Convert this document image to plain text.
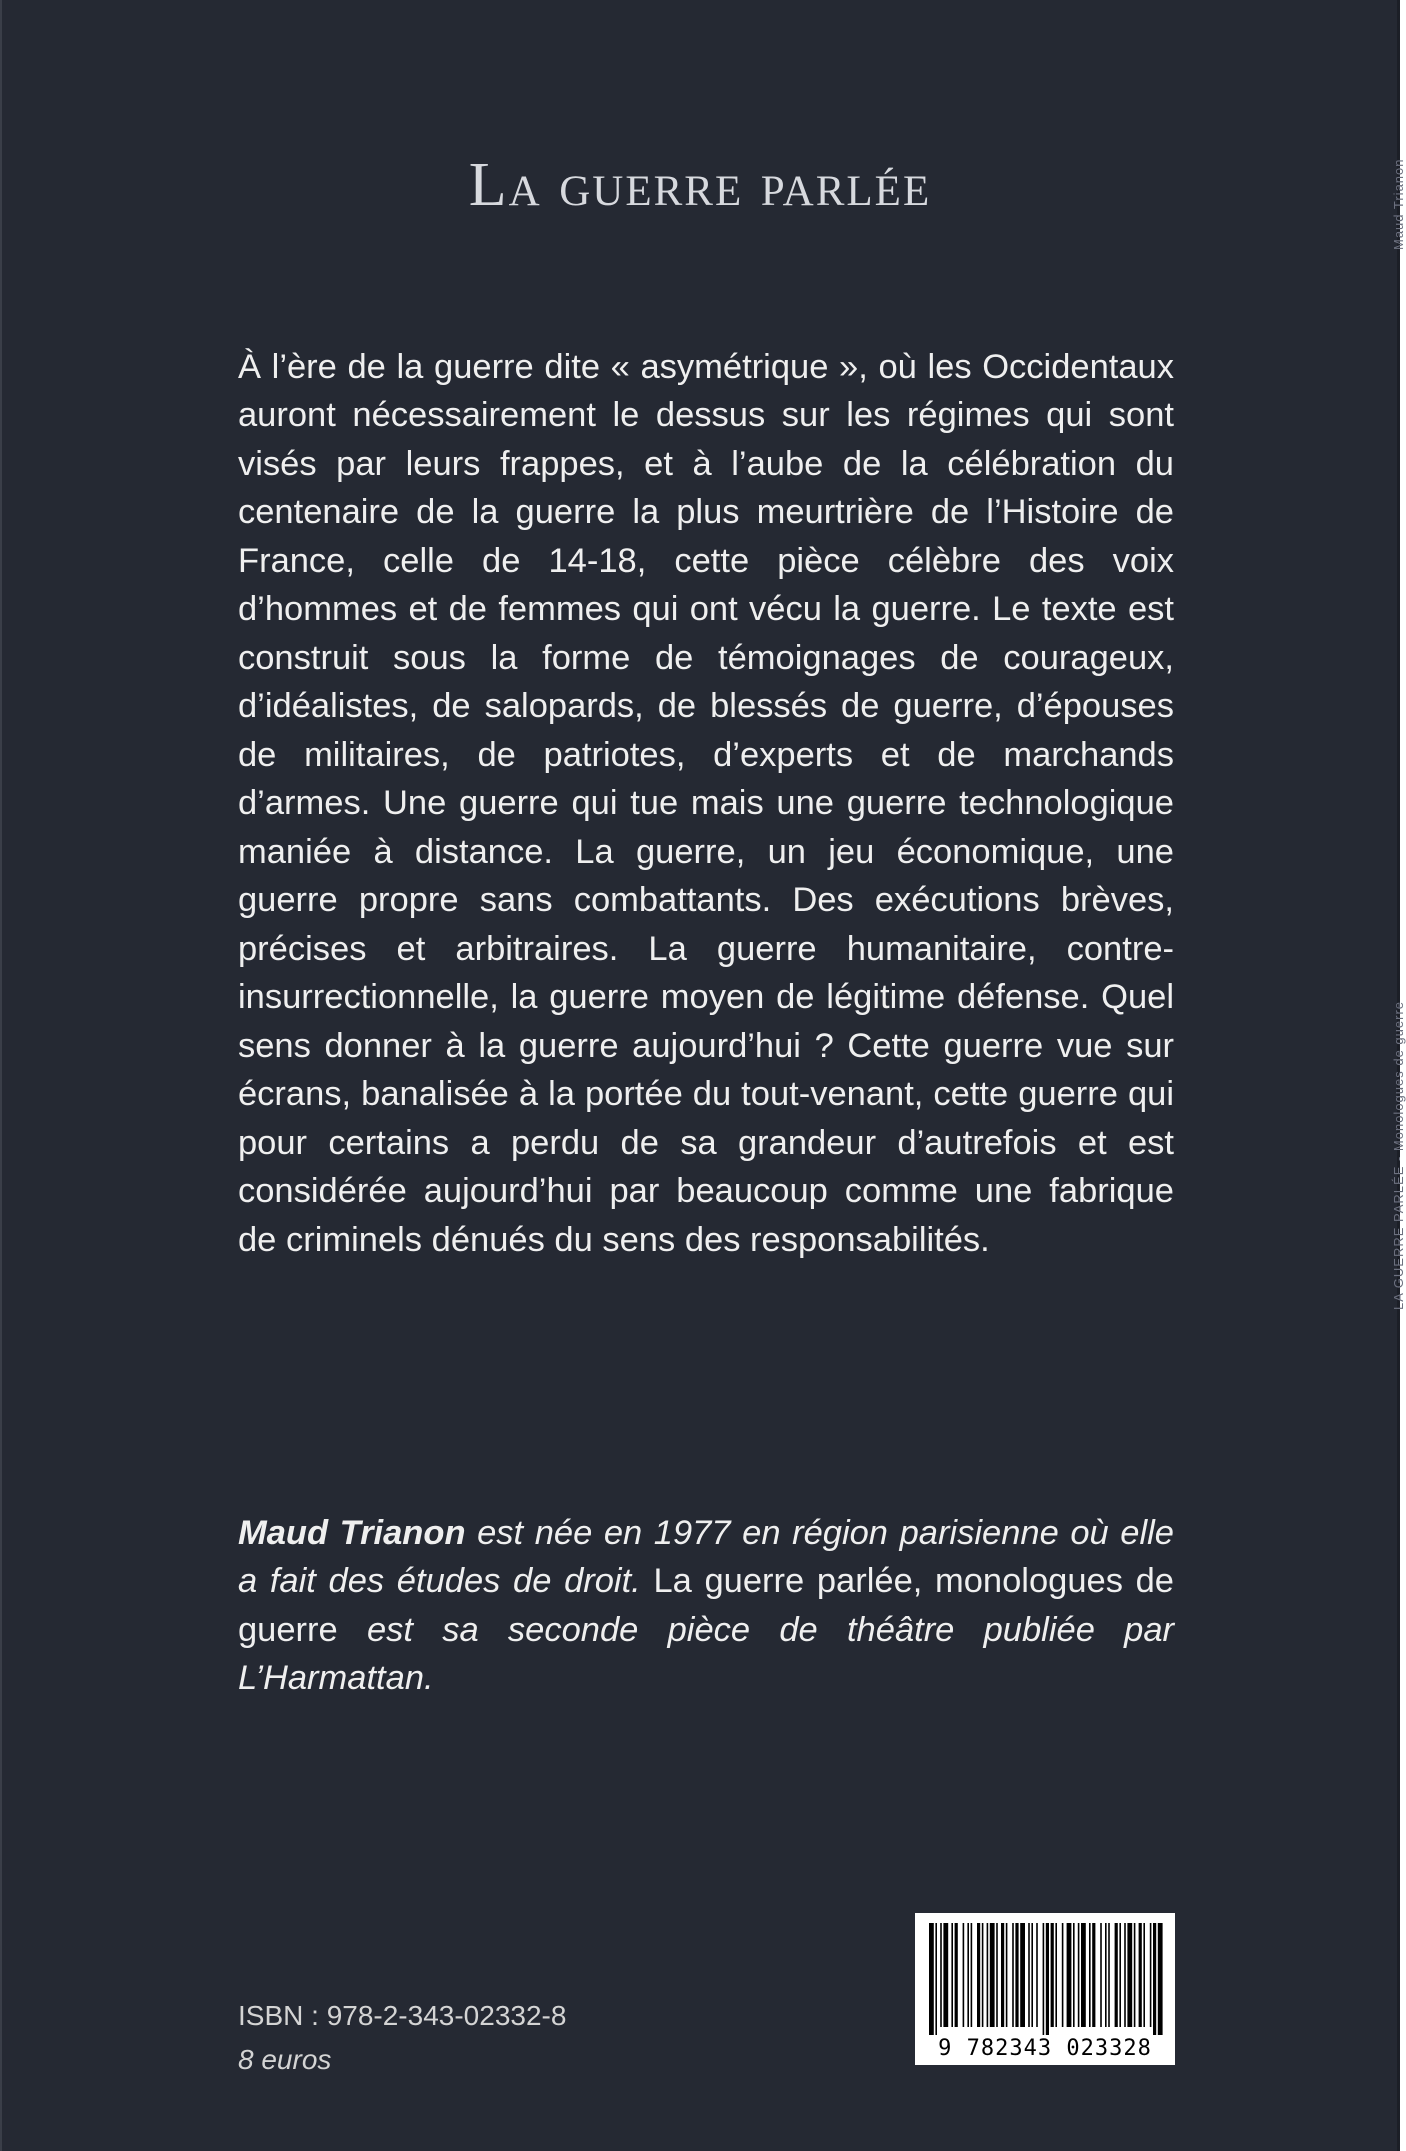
Maud Trianon
LA GUERRE PARLÉE - Monologues de guerre
La guerre parlée

À l’ère de la guerre dite « asymétrique », où les Occidentaux auront nécessairement le dessus sur les régimes qui sont visés par leurs frappes, et à l’aube de la célébration du centenaire de la guerre la plus meurtrière de l’Histoire de France, celle de 14-18, cette pièce célèbre des voix d’hommes et de femmes qui ont vécu la guerre. Le texte est construit sous la forme de témoignages de courageux, d’idéalistes, de salopards, de blessés de guerre, d’épouses de militaires, de patriotes, d’experts et de marchands d’armes. Une guerre qui tue mais une guerre technologique maniée à distance. La guerre, un jeu économique, une guerre propre sans combattants. Des exécutions brèves, précises et arbitraires. La guerre humanitaire, contre-insurrectionnelle, la guerre moyen de légitime défense. Quel sens donner à la guerre aujourd’hui ? Cette guerre vue sur écrans, banalisée à la portée du tout-venant, cette guerre qui pour certains a perdu de sa grandeur d’autrefois et est considérée aujourd’hui par beaucoup comme une fabrique de criminels dénués du sens des responsabilités.

Maud Trianon est née en 1977 en région parisienne où elle a fait des études de droit. La guerre parlée, monologues de guerre est sa seconde pièce de théâtre publiée par L’Harmattan.

ISBN : 978-2-343-02332-8
8 euros	9 782343 023328
